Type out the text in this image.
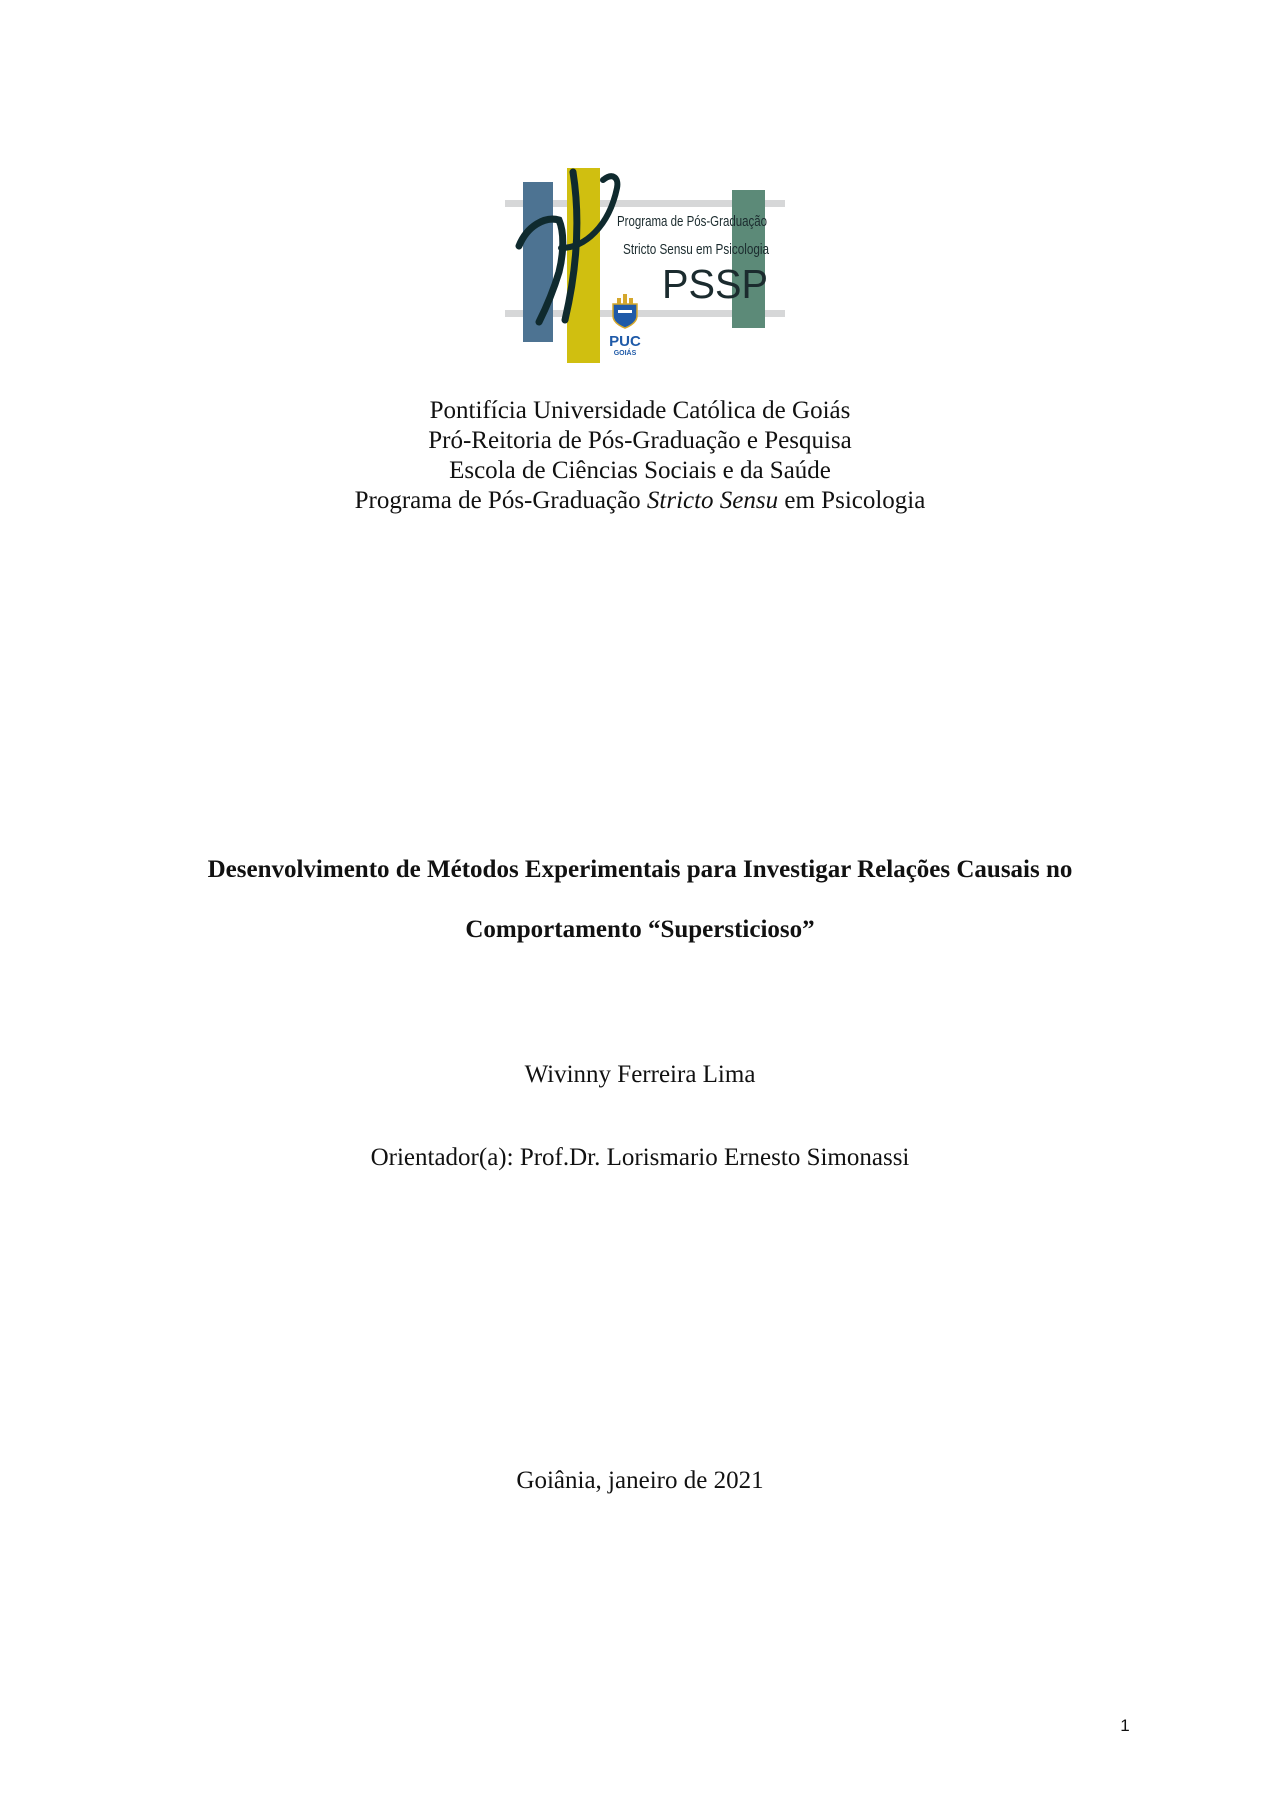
Programa de Pós-Graduação
Stricto Sensu em Psicologia
PSSP
PUC
GOIÁS
Pontifícia Universidade Católica de Goiás
Pró-Reitoria de Pós-Graduação e Pesquisa
Escola de Ciências Sociais e da Saúde
Programa de Pós-Graduação Stricto Sensu em Psicologia
Desenvolvimento de Métodos Experimentais para Investigar Relações Causais no
Comportamento “Supersticioso”
Wivinny Ferreira Lima
Orientador(a): Prof.Dr. Lorismario Ernesto Simonassi
Goiânia, janeiro de 2021
1
